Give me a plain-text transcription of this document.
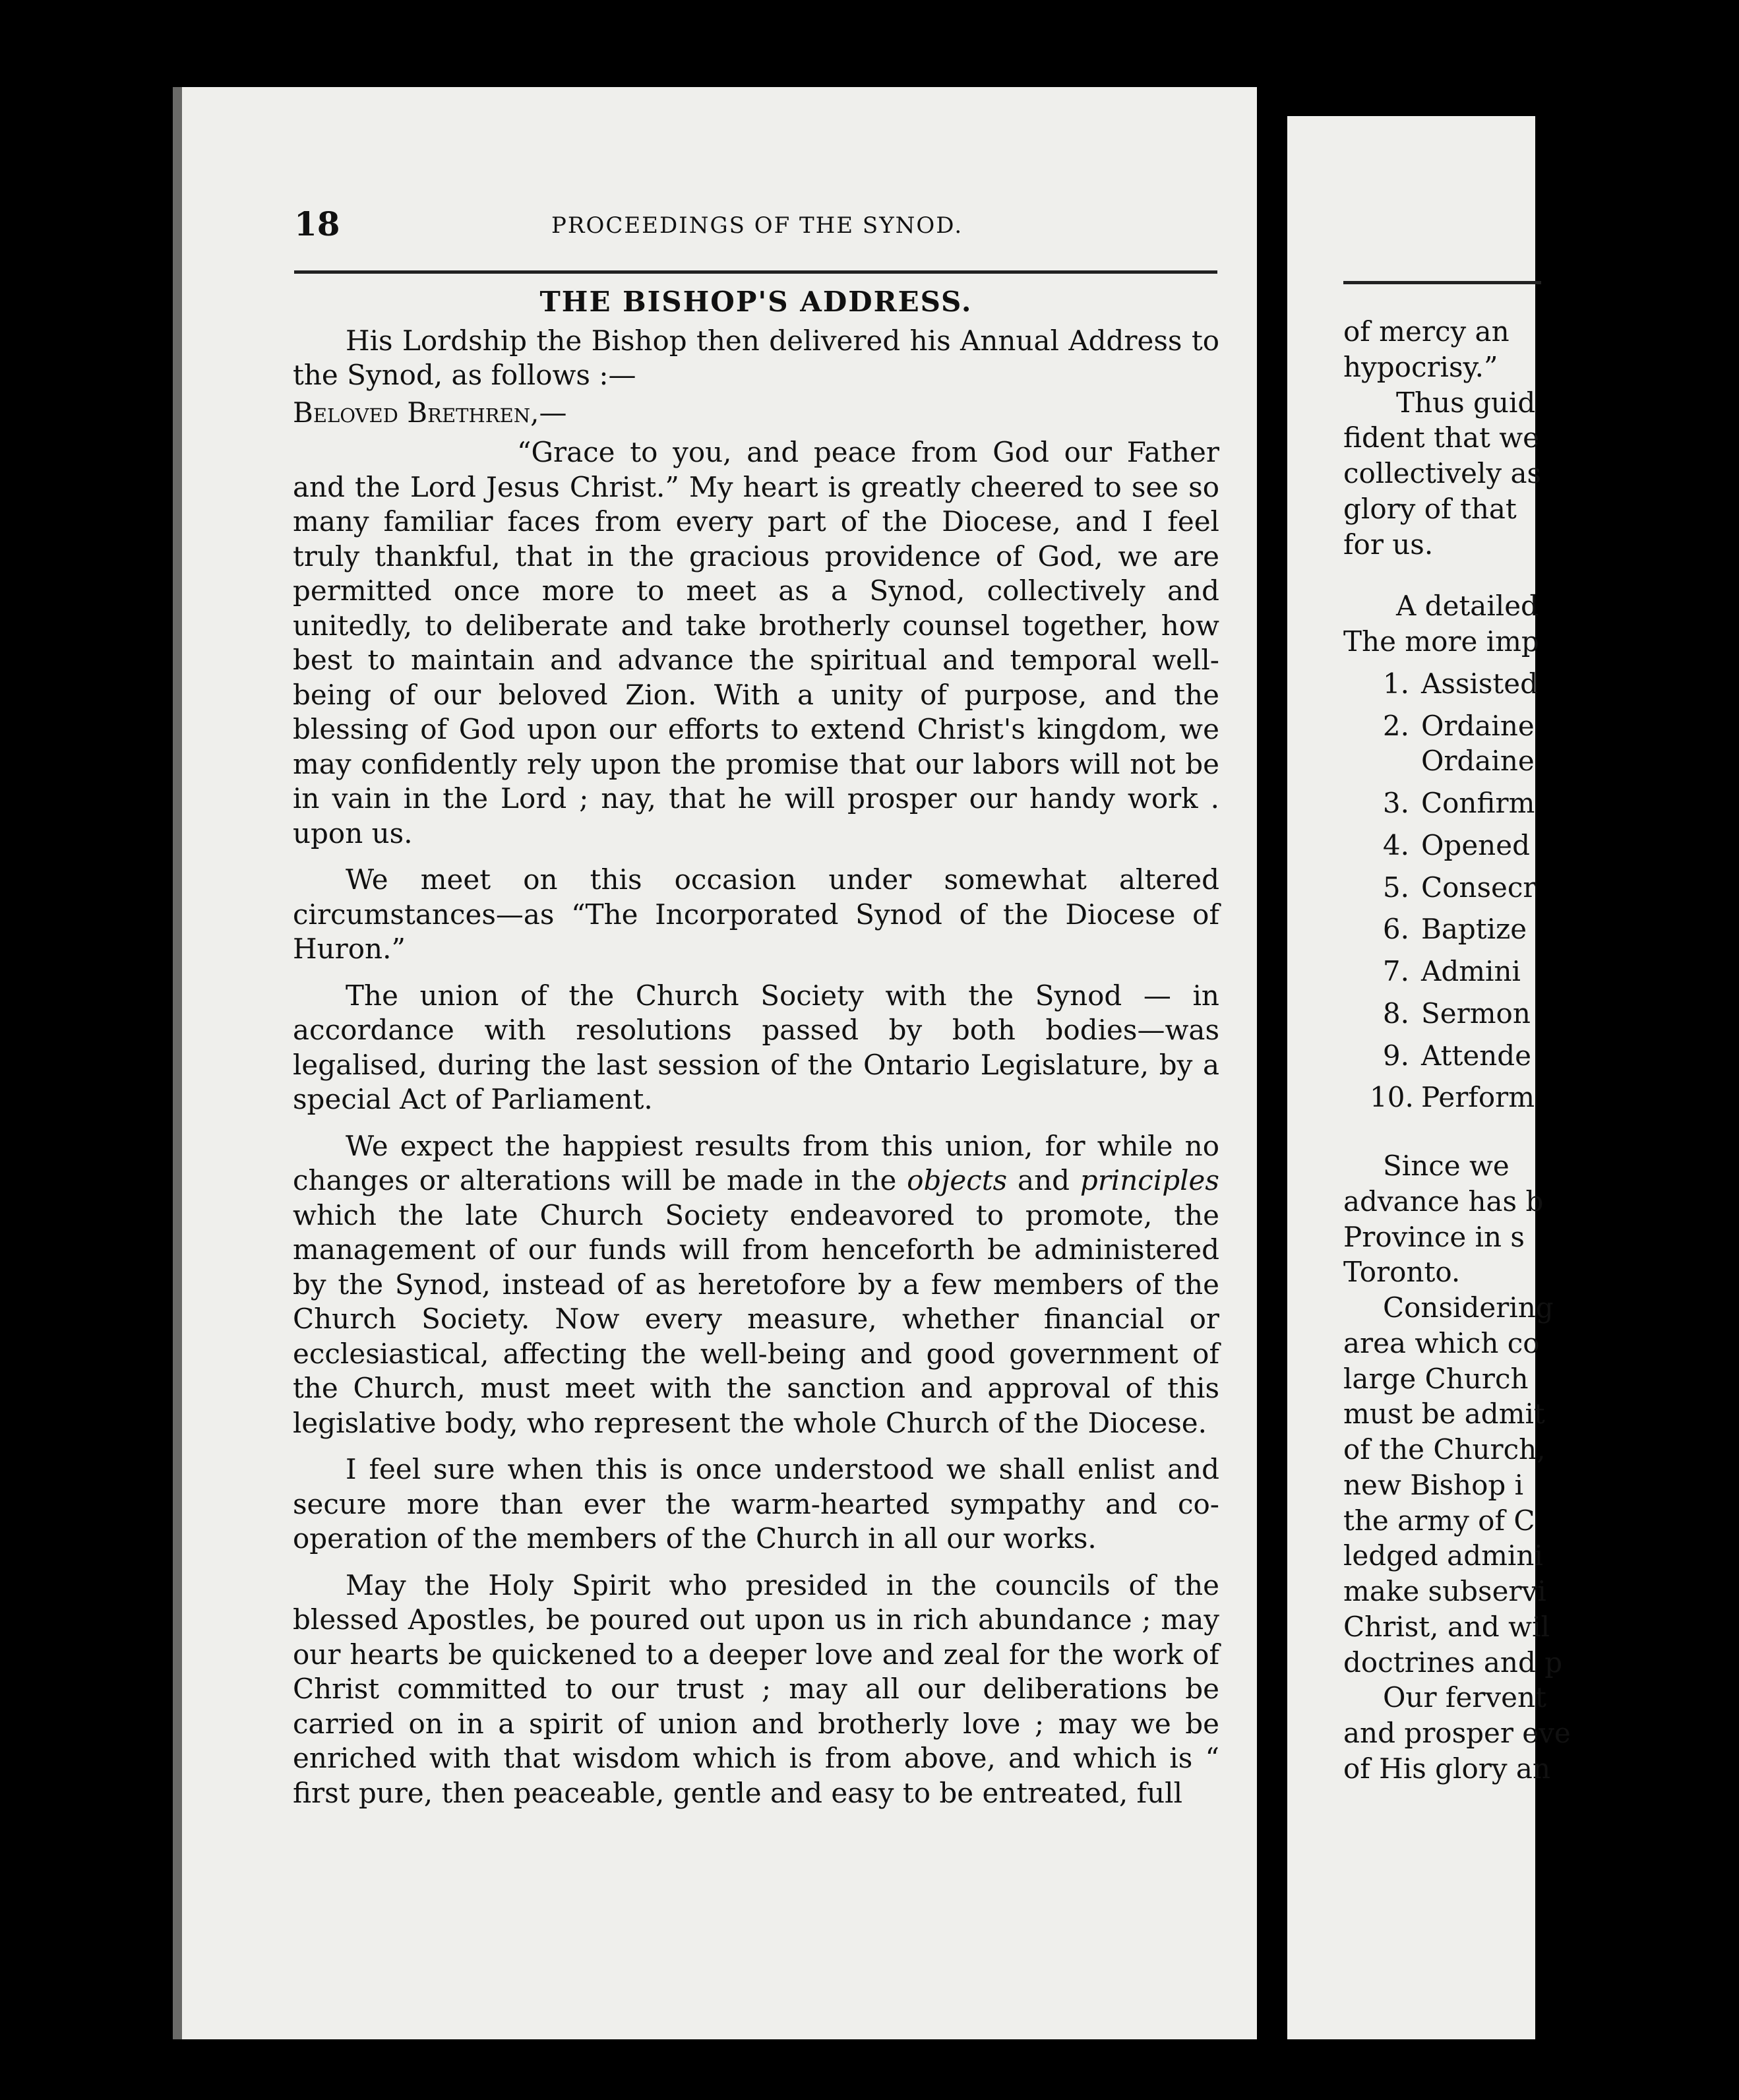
18	PROCEEDINGS OF THE SYNOD.

THE BISHOP'S ADDRESS.

His Lordship the Bishop then delivered his Annual Address to the Synod, as follows :—

Beloved Brethren,—

“Grace to you, and peace from God our Father and the Lord Jesus Christ.” My heart is greatly cheered to see so many familiar faces from every part of the Diocese, and I feel truly thankful, that in the gracious providence of God, we are permitted once more to meet as a Synod, collectively and unitedly, to deliberate and take brotherly counsel together, how best to maintain and advance the spiritual and temporal well-being of our beloved Zion. With a unity of purpose, and the blessing of God upon our efforts to extend Christ's kingdom, we may confidently rely upon the promise that our labors will not be in vain in the Lord ; nay, that he will prosper our handy work . upon us.

We meet on this occasion under somewhat altered circumstances—as “The Incorporated Synod of the Diocese of Huron.”

The union of the Church Society with the Synod — in accordance with resolutions passed by both bodies—was legalised, during the last session of the Ontario Legislature, by a special Act of Parliament.

We expect the happiest results from this union, for while no changes or alterations will be made in the objects and principles which the late Church Society endeavored to promote, the management of our funds will from henceforth be administered by the Synod, instead of as heretofore by a few members of the Church Society. Now every measure, whether financial or ecclesiastical, affecting the well-being and good government of the Church, must meet with the sanction and approval of this legislative body, who represent the whole Church of the Diocese.

I feel sure when this is once understood we shall enlist and secure more than ever the warm-hearted sympathy and co-operation of the members of the Church in all our works.

May the Holy Spirit who presided in the councils of the blessed Apostles, be poured out upon us in rich abundance ; may our hearts be quickened to a deeper love and zeal for the work of Christ committed to our trust ; may all our deliberations be carried on in a spirit of union and brotherly love ; may we be enriched with that wisdom which is from above, and which is “ first pure, then peaceable, gentle and easy to be entreated, full

of mercy an

hypocrisy.”

Thus guid

fident that we

collectively as

glory of that

for us.

A detailed

The more imp

1. Assisted
2. Ordaine
Ordaine
3. Confirm
4. Opened
5. Consecr
6. Baptize
7. Admini
8. Sermon
9. Attende
10. Perform

Since we

advance has b

Province in s

Toronto.

Considering

area which co

large Church

must be admit

of the Church,

new Bishop i

the army of C

ledged admini

make subservi

Christ, and wil

doctrines and p

Our fervent

and prosper eve

of His glory an
